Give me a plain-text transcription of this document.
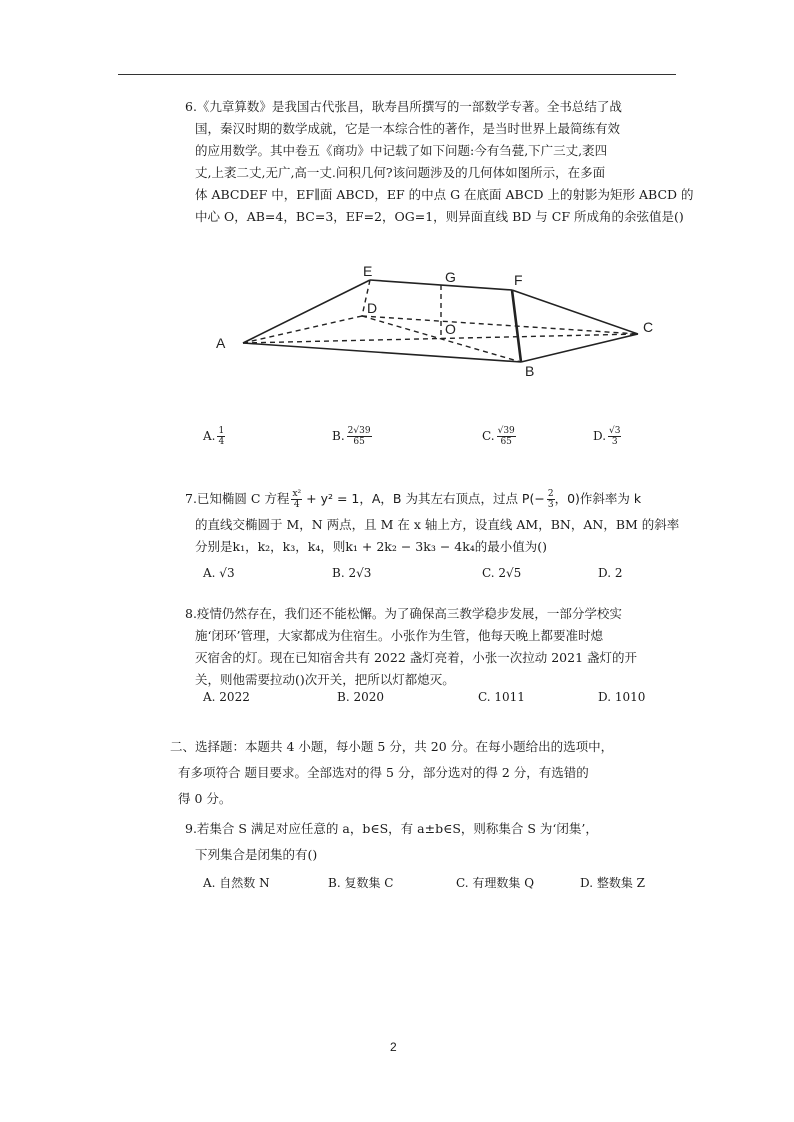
6.《九章算数》是我国古代张昌，耿寿昌所撰写的一部数学专著。全书总结了战
国，秦汉时期的数学成就，它是一本综合性的著作，是当时世界上最简练有效
的应用数学。其中卷五《商功》中记载了如下问题:今有刍甍,下广三丈,袤四
丈,上袤二丈,无广,高一丈.问积几何?该问题涉及的几何体如图所示，在多面
体 ABCDEF 中，EF∥面 ABCD，EF 的中点 G 在底面 ABCD 上的射影为矩形 ABCD 的
中心 O，AB=4，BC=3，EF=2，OG=1，则异面直线 BD 与 CF 所成角的余弦值是()
A
E	G	F
D
O	C
B
A. $\frac{1}{4}$	B. $\frac{2√39}{65}$	C. $\frac{√39}{65}$	D. $\frac{√3}{3}$
7.已知椭圆 C 方程 $\frac{\text{x²}}{4} + y^2 = 1$，A，B 为其左右顶点，过点 $P(- \frac{2}{3}$ ，0)作斜率为 k
的直线交椭圆于 M，N 两点，且 M 在 x 轴上方，设直线 AM，BN，AN，BM 的斜率
分别是k₁，k₂，k₃，k₄，则k₁ + 2k₂ − 3k₃ − 4k₄的最小值为()
A. √3	B. 2√3	C. 2√5	D. 2
8.疫情仍然存在，我们还不能松懈。为了确保高三教学稳步发展，一部分学校实
施‘闭环’管理，大家都成为住宿生。小张作为生管，他每天晚上都要准时熄
灭宿舍的灯。现在已知宿舍共有 2022 盏灯亮着，小张一次拉动 2021 盏灯的开
关，则他需要拉动()次开关，把所以灯都熄灭。
A. 2022	B. 2020	C. 1011	D. 1010
二、选择题：本题共 4 小题，每小题 5 分，共 20 分。在每小题给出的选项中，
有多项符合 题目要求。全部选对的得 5 分，部分选对的得 2 分，有选错的
得 0 分。
9.若集合 S 满足对应任意的 a，b∈S，有 a±b∈S，则称集合 S 为‘闭集’，
下列集合是闭集的有()
A. 自然数 N	B. 复数集 C	C. 有理数集 Q	D. 整数集 Z
2
